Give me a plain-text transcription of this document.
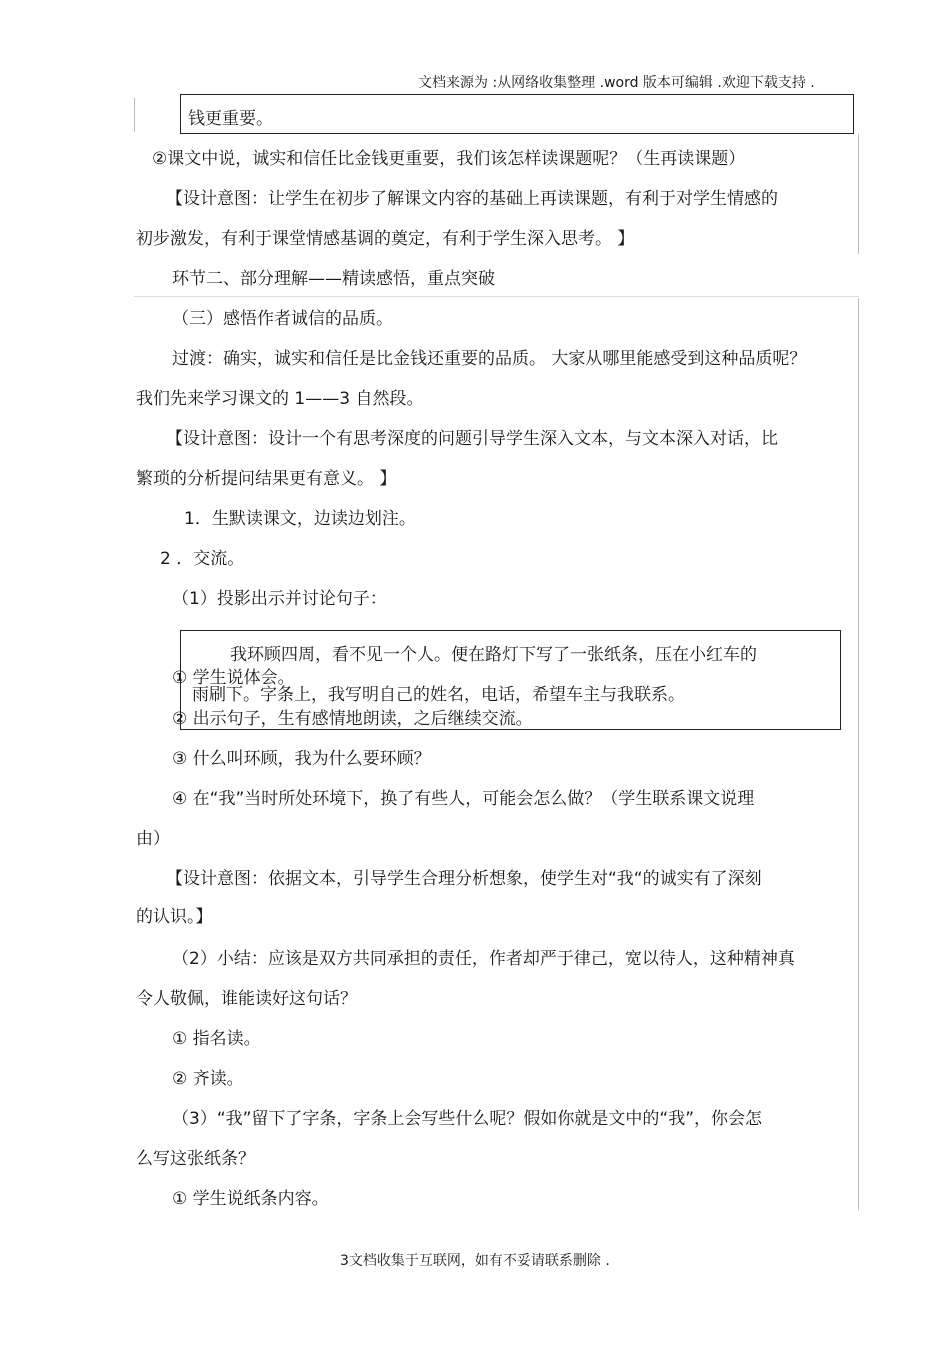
文档来源为 :从网络收集整理 .word 版本可编辑 .欢迎下载支持 .
钱更重要。
②课文中说，诚实和信任比金钱更重要，我们该怎样读课题呢？（生再读课题）
【设计意图：让学生在初步了解课文内容的基础上再读课题，有利于对学生情感的
初步激发，有利于课堂情感基调的奠定，有利于学生深入思考。 】
环节二、部分理解——精读感悟，重点突破
（三）感悟作者诚信的品质。
过渡：确实，诚实和信任是比金钱还重要的品质。 大家从哪里能感受到这种品质呢？
我们先来学习课文的 1——3 自然段。
【设计意图：设计一个有思考深度的问题引导学生深入文本，与文本深入对话，比
繁琐的分析提问结果更有意义。 】
1．生默读课文，边读边划注。
2 ．交流。
（1）投影出示并讨论句子：
我环顾四周，看不见一个人。便在路灯下写了一张纸条，压在小红车的
雨刷下。字条上，我写明自己的姓名，电话，希望车主与我联系。
① 学生说体会。
② 出示句子，生有感情地朗读，之后继续交流。
③ 什么叫环顾，我为什么要环顾？
④ 在“我”当时所处环境下，换了有些人，可能会怎么做？（学生联系课文说理
由）
【设计意图：依据文本，引导学生合理分析想象，使学生对“我“的诚实有了深刻
的认识。】
（2）小结：应该是双方共同承担的责任，作者却严于律己，宽以待人，这种精神真
令人敬佩，谁能读好这句话？
① 指名读。
② 齐读。
（3）“我”留下了字条，字条上会写些什么呢？假如你就是文中的“我”，你会怎
么写这张纸条？
① 学生说纸条内容。
3文档收集于互联网，如有不妥请联系删除 .
